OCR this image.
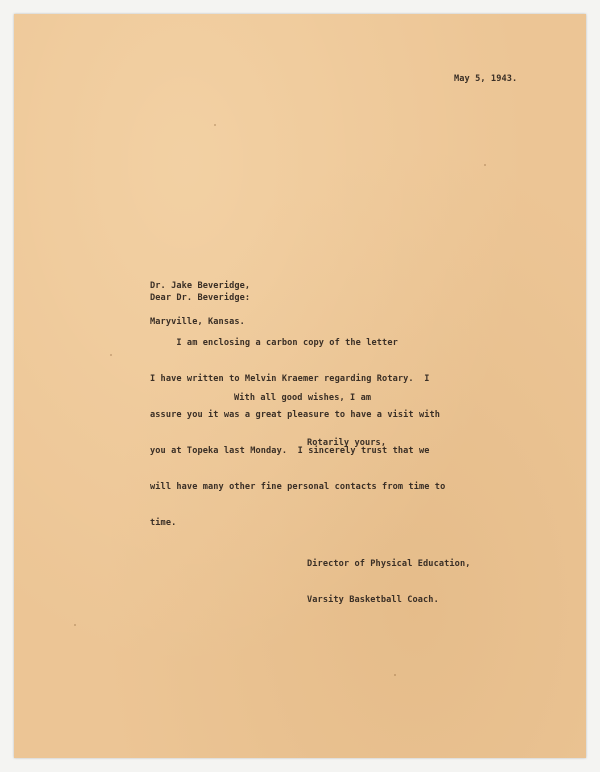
May 5, 1943.

Dr. Jake Beveridge,

Maryville, Kansas.

Dear Dr. Beveridge:

I am enclosing a carbon copy of the letter

I have written to Melvin Kraemer regarding Rotary.  I

assure you it was a great pleasure to have a visit with

you at Topeka last Monday.  I sincerely trust that we

will have many other fine personal contacts from time to

time.

With all good wishes, I am
Rotarily yours,

Director of Physical Education,

Varsity Basketball Coach.
